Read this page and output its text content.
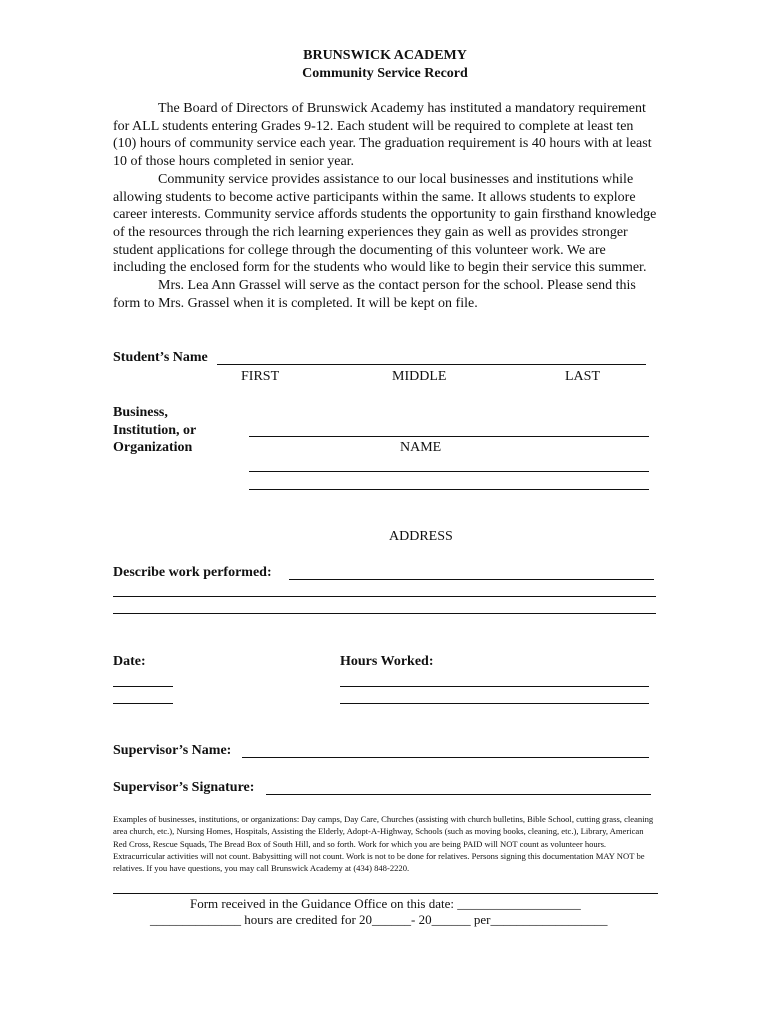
BRUNSWICK ACADEMY
Community Service Record

The Board of Directors of Brunswick Academy has instituted a mandatory requirement for ALL students entering Grades 9-12. Each student will be required to complete at least ten (10) hours of community service each year. The graduation requirement is 40 hours with at least 10 of those hours completed in senior year.

Community service provides assistance to our local businesses and institutions while allowing students to become active participants within the same. It allows students to explore career interests. Community service affords students the opportunity to gain firsthand knowledge of the resources through the rich learning experiences they gain as well as provides stronger student applications for college through the documenting of this volunteer work. We are including the enclosed form for the students who would like to begin their service this summer.

Mrs. Lea Ann Grassel will serve as the contact person for the school. Please send this form to Mrs. Grassel when it is completed. It will be kept on file.

Student’s Name
FIRST	MIDDLE	LAST
Business,
Institution, or
Organization	NAME
ADDRESS
Describe work performed:
Date:	Hours Worked:
Supervisor’s Name:
Supervisor’s Signature:
Examples of businesses, institutions, or organizations: Day camps, Day Care, Churches (assisting with church bulletins, Bible School, cutting grass, cleaning area church, etc.), Nursing Homes, Hospitals, Assisting the Elderly, Adopt-A-Highway, Schools (such as moving books, cleaning, etc.), Library, American Red Cross, Rescue Squads, The Bread Box of South Hill, and so forth. Work for which you are being PAID will NOT count as volunteer hours. Extracurricular activities will not count. Babysitting will not count. Work is not to be done for relatives. Persons signing this documentation MAY NOT be relatives. If you have questions, you may call Brunswick Academy at (434) 848-2220.
Form received in the Guidance Office on this date: ___________________
______________ hours are credited for 20______- 20______ per__________________
